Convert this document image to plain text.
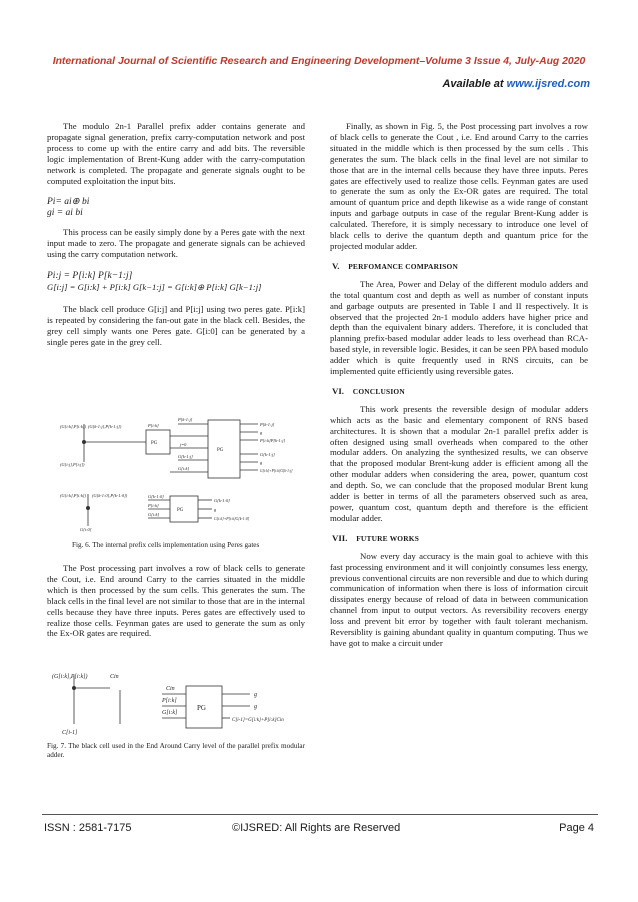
International Journal of Scientific Research and Engineering Development–Volume 3 Issue 4, July-Aug 2020
Available at www.ijsred.com

The modulo 2n-1 Parallel prefix adder contains generate and propagate signal generation, prefix carry-computation network and post process to come up with the entire carry and add bits. The reversible logic implementation of Brent-Kung adder with the carry-computation network is completed. The propagate and generate signals ought to be computed exploitation the input bits.

Pi= ai⊕ bi

gi = ai bi

This process can be easily simply done by a Peres gate with the next input made to zero. The propagate and generate signals can be achieved using the carry computation network.

Pi:j = P[i:k] P[k−1:j]

G[i:j] = G[i:k] + P[i:k] G[k−1:j] = G[i:k]⊕ P[i:k] G[k−1:j]

The black cell produce G[i:j] and P[i:j] using two peres gate. P[i:k] is repeated by considering the fan-out gate in the black cell. Besides, the grey cell simply wants one Peres gate. G[i:0] can be generated by a single peres gate in the grey cell.

(G[i:k],P[i:k]) (G[k-1:j],P[k-1:j])
(G[i:j],P[i:j])
PG
PG
P[k-1:j]
P[i:k]
j=0
G[k-1:j]
G[i:k]
P[k-1:j]
g
P[i:k]P[k-1:j]
G[k-1:j]
g
G[i:k]+P[i:k]G[k-1:j]
(G[i:k],P[i:k]) (G[k-1:0],P[k-1:0])
G[i:0]
G[k-1:0]
P[i:k]
G[i:k]
PG
G[k-1:0]
g
G[i:k]+P[i:k]G[k-1:0]
Fig. 6. The internal prefix cells implementation using Peres gates

The Post processing part involves a row of black cells to generate the Cout, i.e. End around Carry to the carries situated in the middle which is then processed by the sum cells. This generates the sum. The black cells in the final level are not similar to those that are in the internal cells because they have three inputs. Peres gates are effectively used to realize those cells. Feynman gates are used to generate the sum as only the Ex-OR gates are required.

(G[i:k],P[i:k])	Cin
C[i-1]
Cin
P[i:k]
G[i:k]
PG
g
g
C[i-1]=G[i:k]+P[i:k]Cin
Fig. 7. The black cell used in the End Around Carry level of the parallel prefix modular adder.

Finally, as shown in Fig. 5, the Post processing part involves a row of black cells to generate the Cout , i.e. End around Carry to the carries situated in the middle which is then processed by the sum cells . This generates the sum. The black cells in the final level are not similar to those that are in the internal cells because they have three inputs. Peres gates are effectively used to realize those cells. Feynman gates are used to generate the sum as only the Ex-OR gates are required. The total amount of quantum price and depth likewise as a wide range of constant inputs and garbage outputs in case of the regular Brent-Kung adder is calculated. Therefore, it is simply necessary to introduce one level of black cells to derive the quantum depth and quantum price for the projected modular adder.

V. PERFOMANCE COMPARISON

The Area, Power and Delay of the different modulo adders and the total quantum cost and depth as well as number of constant inputs and garbage outputs are presented in Table I and II respectively. It is observed that the projected 2n-1 modulo adders have higher price and depth than the equivalent binary adders. Therefore, it is concluded that planning prefix-based modular adder leads to less overhead than RCA-based style, in reversible logic. Besides, it can be seen PPA based modulo adder which is quite frequently used in RNS circuits, can be implemented quite efficiently using reversible gates.

VI. CONCLUSION

This work presents the reversible design of modular adders which acts as the basic and elementary component of RNS based architectures. It is shown that a modular 2n-1 parallel prefix adder is often designed using small overheads when compared to the other modular adders. On analyzing the synthesized results, we can observe that the proposed modular Brent-kung adder is efficient among all the other modular adders when considering the area, power, quantum cost and depth. So, we can conclude that the proposed modular Brent kung adder is better in terms of all the parameters observed such as area, power, quantum cost, quantum depth and therefore is the efficient modular adder.

VII. FUTURE WORKS

Now every day accuracy is the main goal to achieve with this fast processing environment and it will conjointly consumes less energy, previous conventional circuits are non reversible and due to which during communication of information when there is loss of information circuit dissipates energy because of reload of data in between communication channel from input to output vectors. As reversibility recovers energy loss and prevent bit error by together with fault tolerant mechanism. Reversiblity is gaining abundant quality in quantum computing. Thus we have got to make a circuit under

ISSN : 2581-7175	©IJSRED: All Rights are Reserved	Page 4
